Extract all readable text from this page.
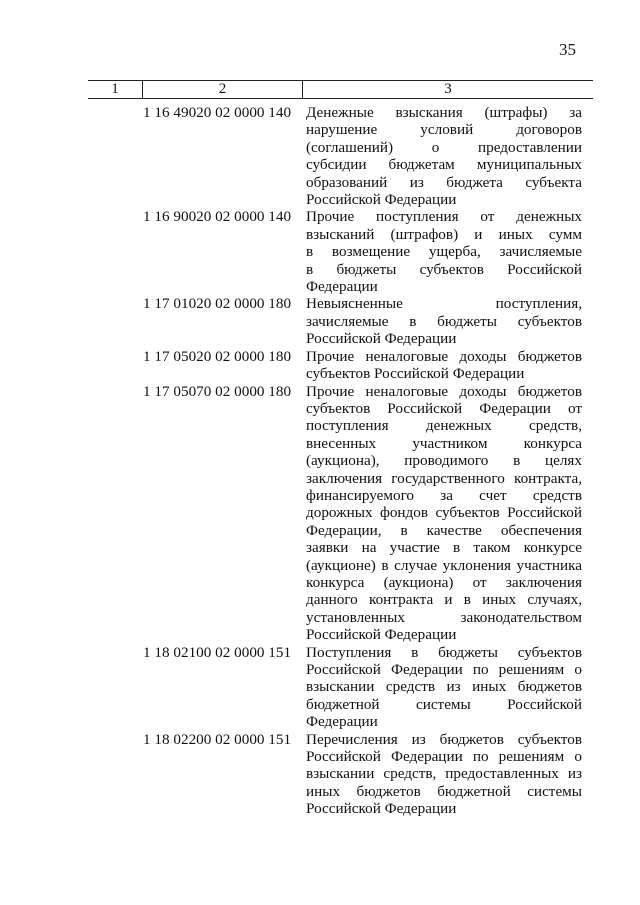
35
1	2	3
1 16 49020 02 0000 140 Денежные взыскания (штрафы) за
нарушение условий договоров
(соглашений) о предоставлении
субсидии бюджетам муниципальных
образований из бюджета субъекта
Российской Федерации
1 16 90020 02 0000 140 Прочие поступления от денежных
взысканий (штрафов) и иных сумм
в возмещение ущерба, зачисляемые
в бюджеты субъектов Российской
Федерации
1 17 01020 02 0000 180 Невыясненные поступления,
зачисляемые в бюджеты субъектов
Российской Федерации
1 17 05020 02 0000 180 Прочие неналоговые доходы бюджетов
субъектов Российской Федерации
1 17 05070 02 0000 180 Прочие неналоговые доходы бюджетов
субъектов Российской Федерации от
поступления денежных средств,
внесенных участником конкурса
(аукциона), проводимого в целях
заключения государственного контракта,
финансируемого за счет средств
дорожных фондов субъектов Российской
Федерации, в качестве обеспечения
заявки на участие в таком конкурсе
(аукционе) в случае уклонения участника
конкурса (аукциона) от заключения
данного контракта и в иных случаях,
установленных законодательством
Российской Федерации
1 18 02100 02 0000 151 Поступления в бюджеты субъектов
Российской Федерации по решениям о
взыскании средств из иных бюджетов
бюджетной системы Российской
Федерации
1 18 02200 02 0000 151 Перечисления из бюджетов субъектов
Российской Федерации по решениям о
взыскании средств, предоставленных из
иных бюджетов бюджетной системы
Российской Федерации
